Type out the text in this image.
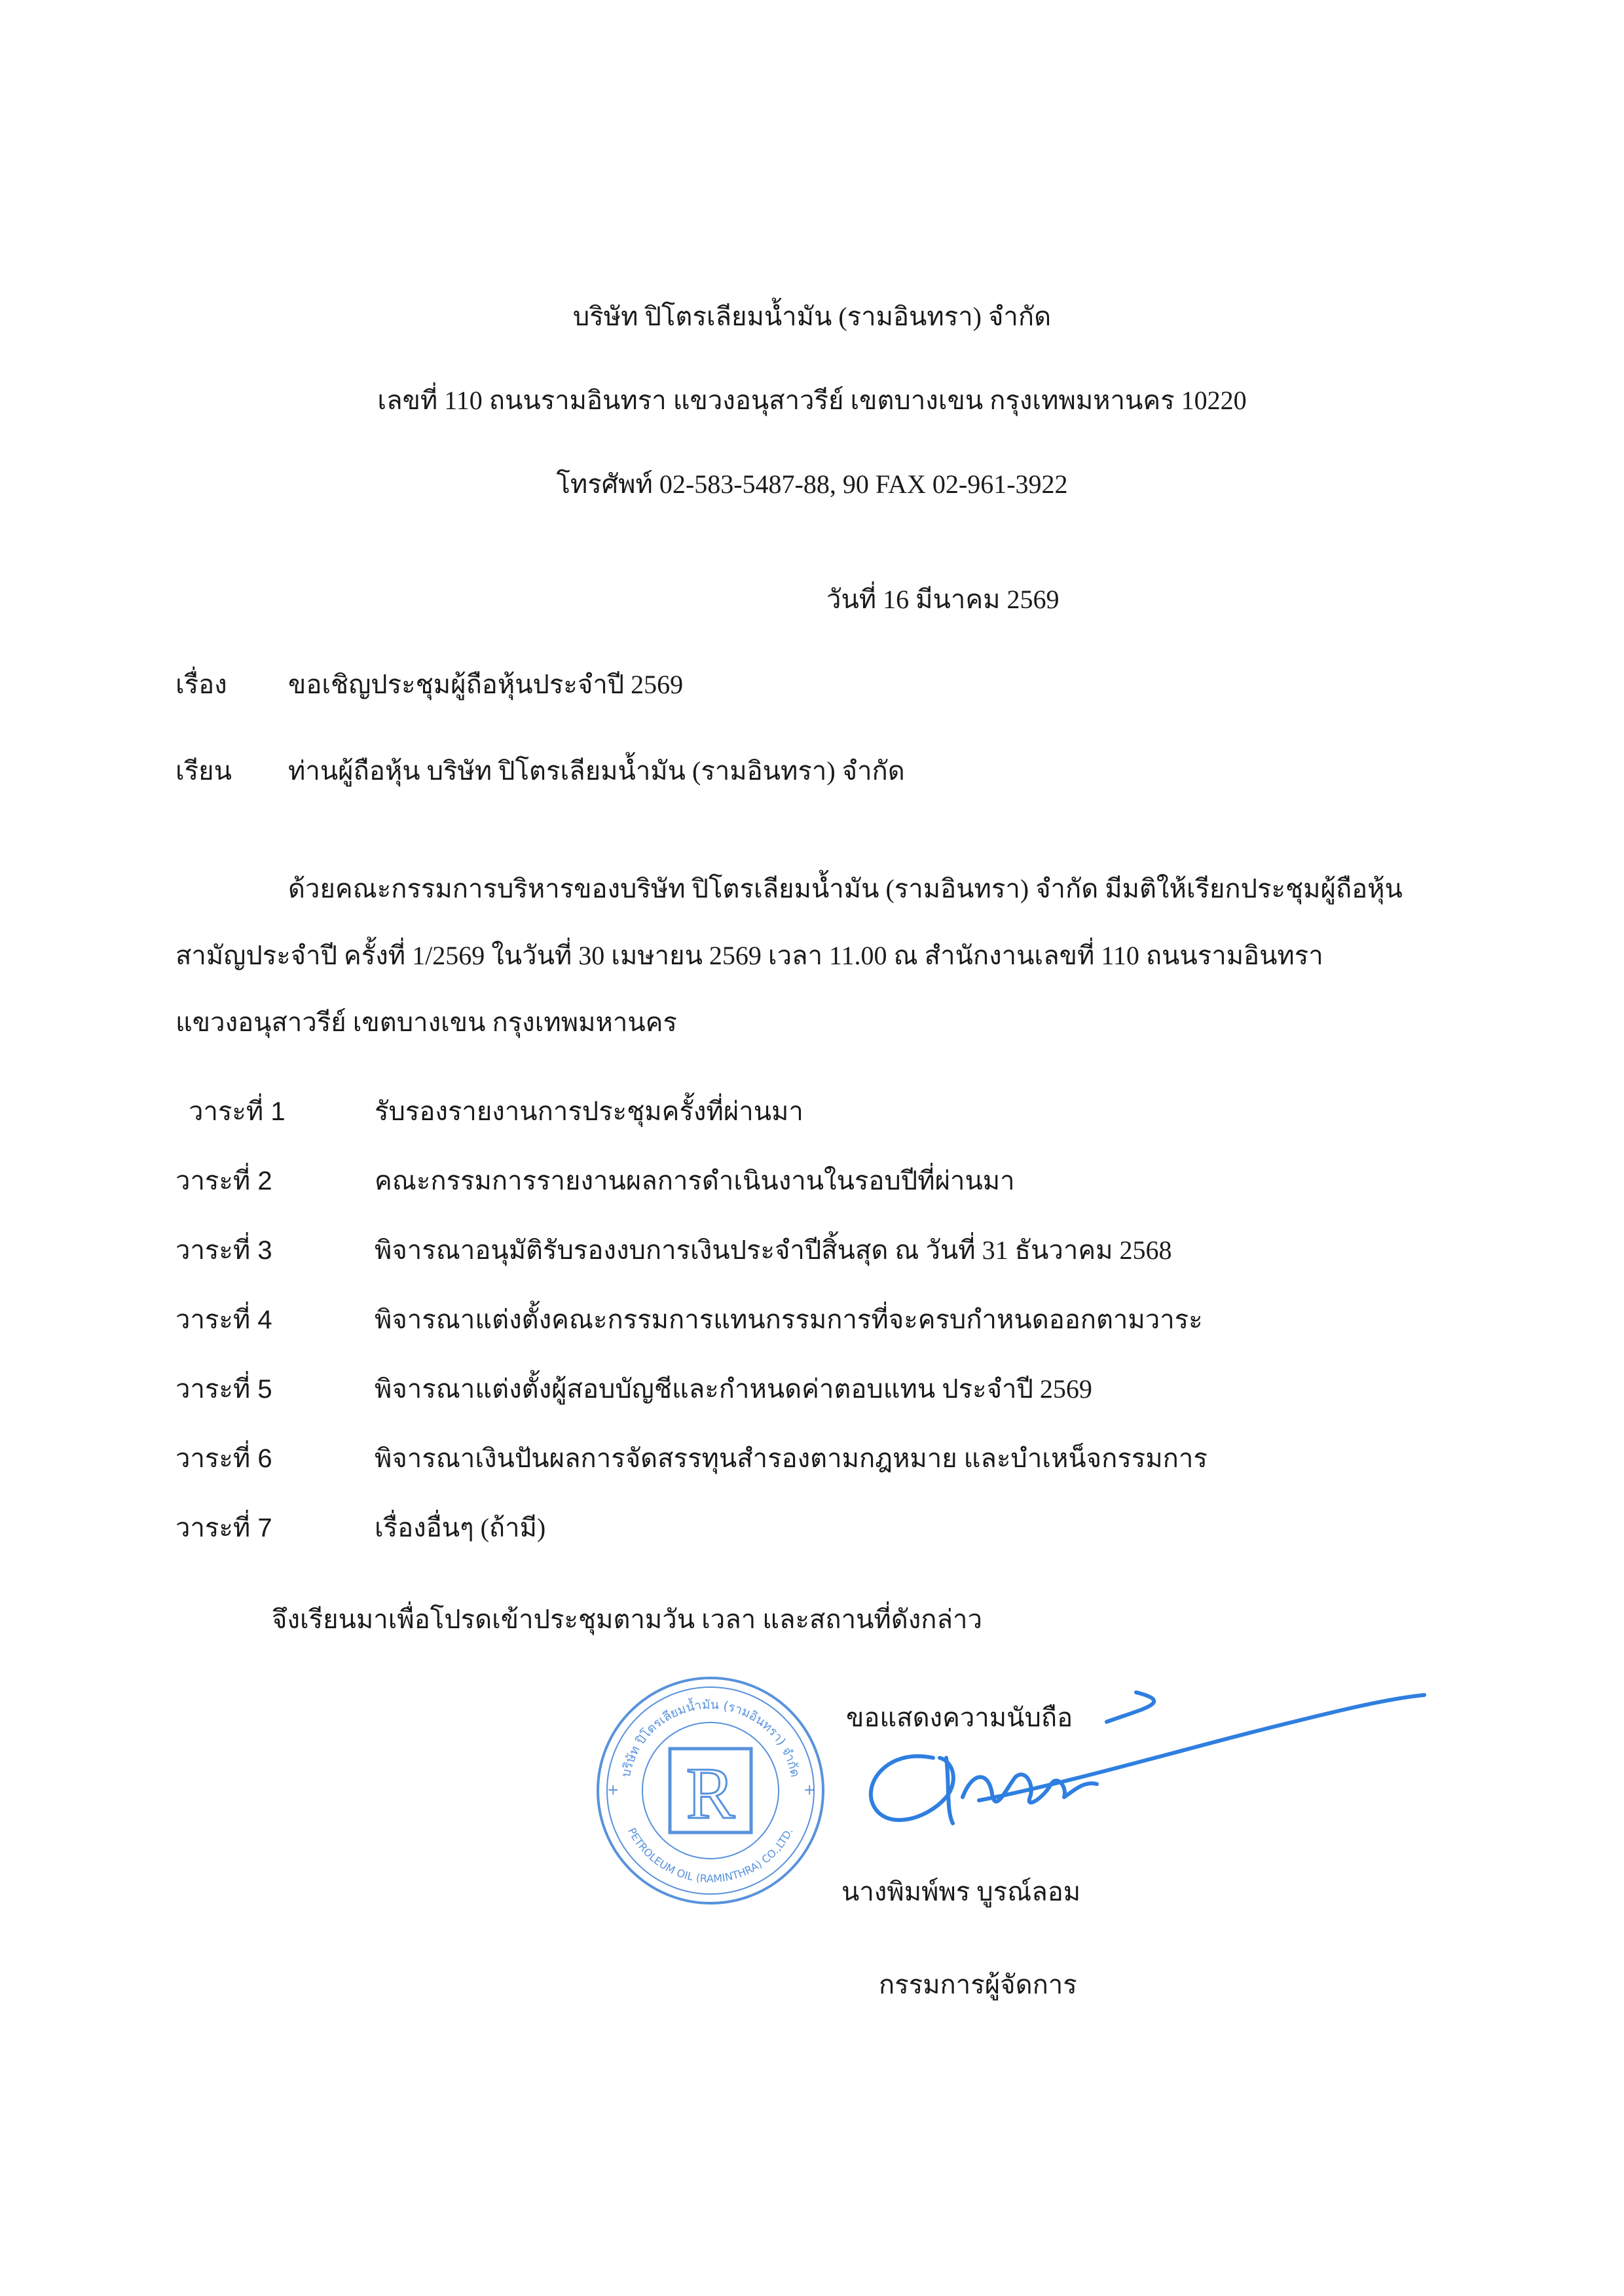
บริษัท ปิโตรเลียมน้ำมัน (รามอินทรา) จำกัด
เลขที่ 110 ถนนรามอินทรา แขวงอนุสาวรีย์ เขตบางเขน กรุงเทพมหานคร 10220
โทรศัพท์ 02-583-5487-88, 90 FAX 02-961-3922
วันที่ 16 มีนาคม 2569
เรื่อง ขอเชิญประชุมผู้ถือหุ้นประจำปี 2569
เรียน ท่านผู้ถือหุ้น บริษัท ปิโตรเลียมน้ำมัน (รามอินทรา) จำกัด
ด้วยคณะกรรมการบริหารของบริษัท ปิโตรเลียมน้ำมัน (รามอินทรา) จำกัด มีมติให้เรียกประชุมผู้ถือหุ้น
สามัญประจำปี ครั้งที่ 1/2569 ในวันที่ 30 เมษายน 2569 เวลา 11.00 ณ สำนักงานเลขที่ 110 ถนนรามอินทรา
แขวงอนุสาวรีย์ เขตบางเขน กรุงเทพมหานคร
วาระที่ 1	รับรองรายงานการประชุมครั้งที่ผ่านมา
วาระที่ 2	คณะกรรมการรายงานผลการดำเนินงานในรอบปีที่ผ่านมา
วาระที่ 3	พิจารณาอนุมัติรับรองงบการเงินประจำปีสิ้นสุด ณ วันที่ 31 ธันวาคม 2568
วาระที่ 4	พิจารณาแต่งตั้งคณะกรรมการแทนกรรมการที่จะครบกำหนดออกตามวาระ
วาระที่ 5	พิจารณาแต่งตั้งผู้สอบบัญชีและกำหนดค่าตอบแทน ประจำปี 2569
วาระที่ 6	พิจารณาเงินปันผลการจัดสรรทุนสำรองตามกฎหมาย และบำเหน็จกรรมการ
วาระที่ 7	เรื่องอื่นๆ (ถ้ามี)
จึงเรียนมาเพื่อโปรดเข้าประชุมตามวัน เวลา และสถานที่ดังกล่าว
บริษัท ปิโตรเลียมน้ำมัน (รามอินทรา) จำกัด
PETROLEUM OIL (RAMINTHRA) CO.,LTD.
R
+	+
ขอแสดงความนับถือ
นางพิมพ์พร บูรณ์ลอม
กรรมการผู้จัดการ
